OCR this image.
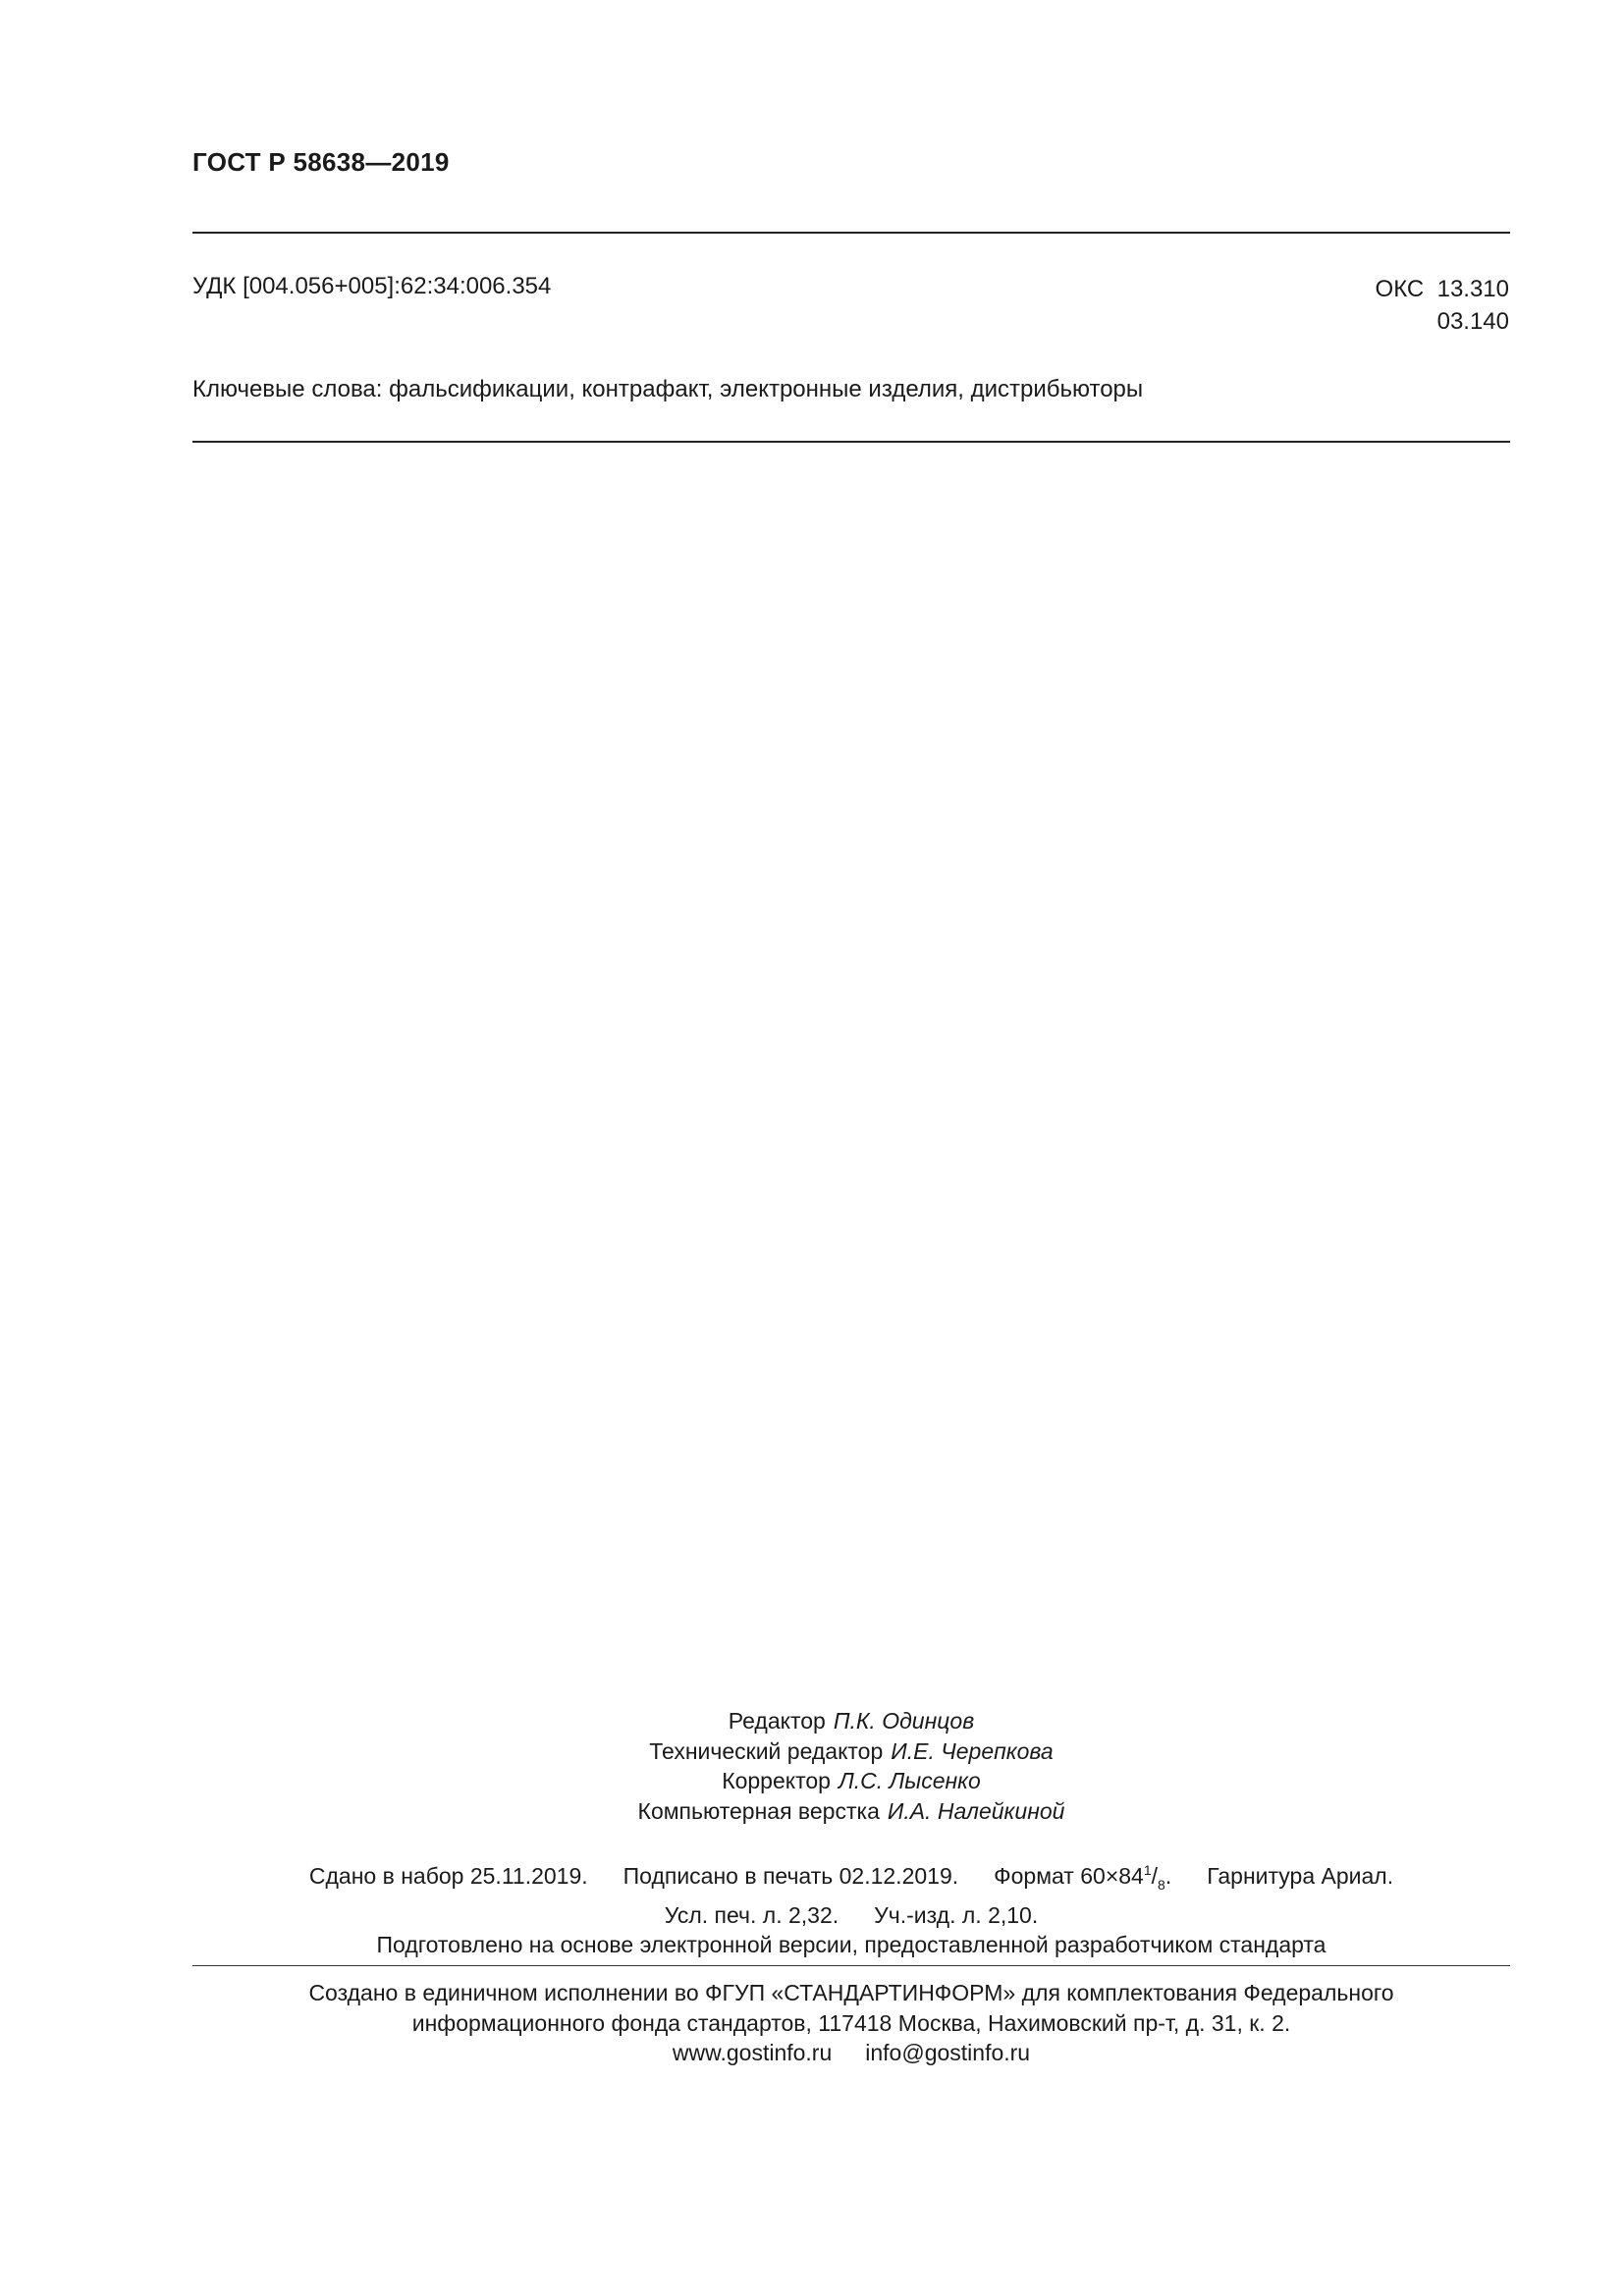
ГОСТ Р 58638—2019
УДК [004.056+005]:62:34:006.354	ОКС 13.310
03.140
Ключевые слова: фальсификации, контрафакт, электронные изделия, дистрибьюторы
Редактор П.К. Одинцов
Технический редактор И.Е. Черепкова
Корректор Л.С. Лысенко
Компьютерная верстка И.А. Налейкиной
Сдано в набор 25.11.2019. Подписано в печать 02.12.2019. Формат $60\times 84^1/_8$. Гарнитура Ариал.
Усл. печ. л. 2,32. Уч.-изд. л. 2,10.
Подготовлено на основе электронной версии, предоставленной разработчиком стандарта
Создано в единичном исполнении во ФГУП «СТАНДАРТИНФОРМ» для комплектования Федерального
информационного фонда стандартов, 117418 Москва, Нахимовский пр-т, д. 31, к. 2.
www.gostinfo.ru info@gostinfo.ru
